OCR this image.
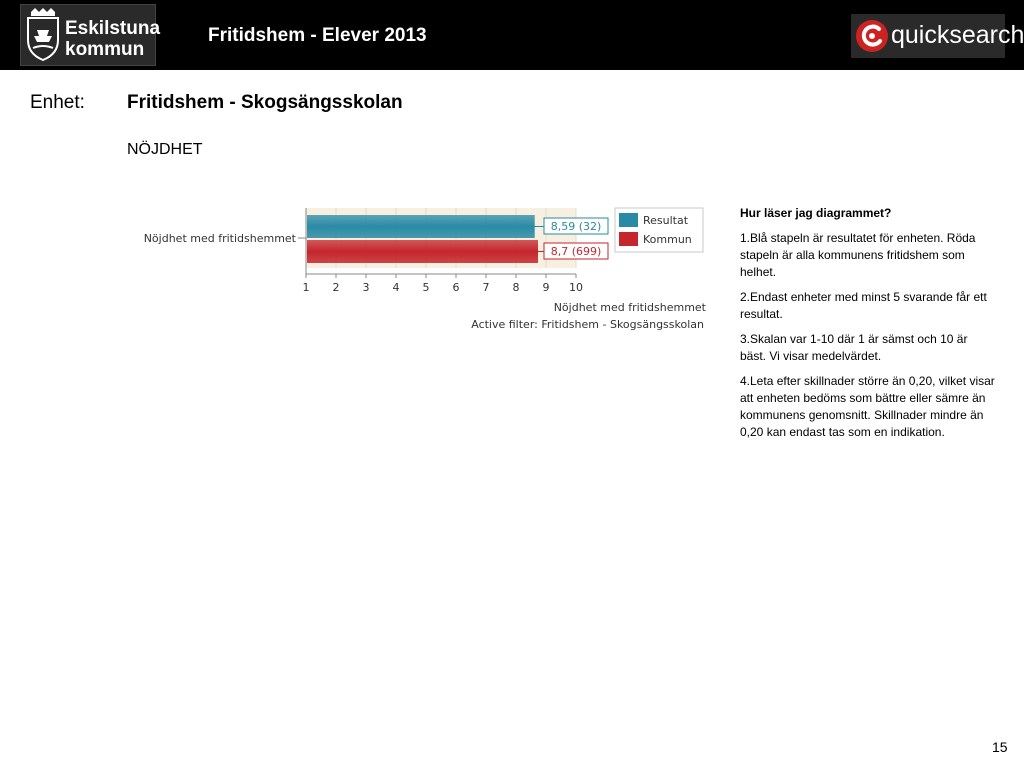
Eskilstuna
kommun
Fritidshem - Elever 2013	quicksearch
Enhet: Fritidshem - Skogsängsskolan
NÖJDHET
1 2 3 4 5 6 7 8 9 10
Nöjdhet med fritidshemmet
8,59 (32)
8,7 (699)
Resultat
Kommun
Nöjdhet med fritidshemmet
Active filter: Fritidshem - Skogsängsskolan

Hur läser jag diagrammet?

1.Blå stapeln är resultatet för enheten. Röda stapeln är alla kommunens fritidshem som helhet.

2.Endast enheter med minst 5 svarande får ett resultat.

3.Skalan var 1-10 där 1 är sämst och 10 är bäst. Vi visar medelvärdet.

4.Leta efter skillnader större än 0,20, vilket visar att enheten bedöms som bättre eller sämre än kommunens genomsnitt. Skillnader mindre än 0,20 kan endast tas som en indikation.

15
